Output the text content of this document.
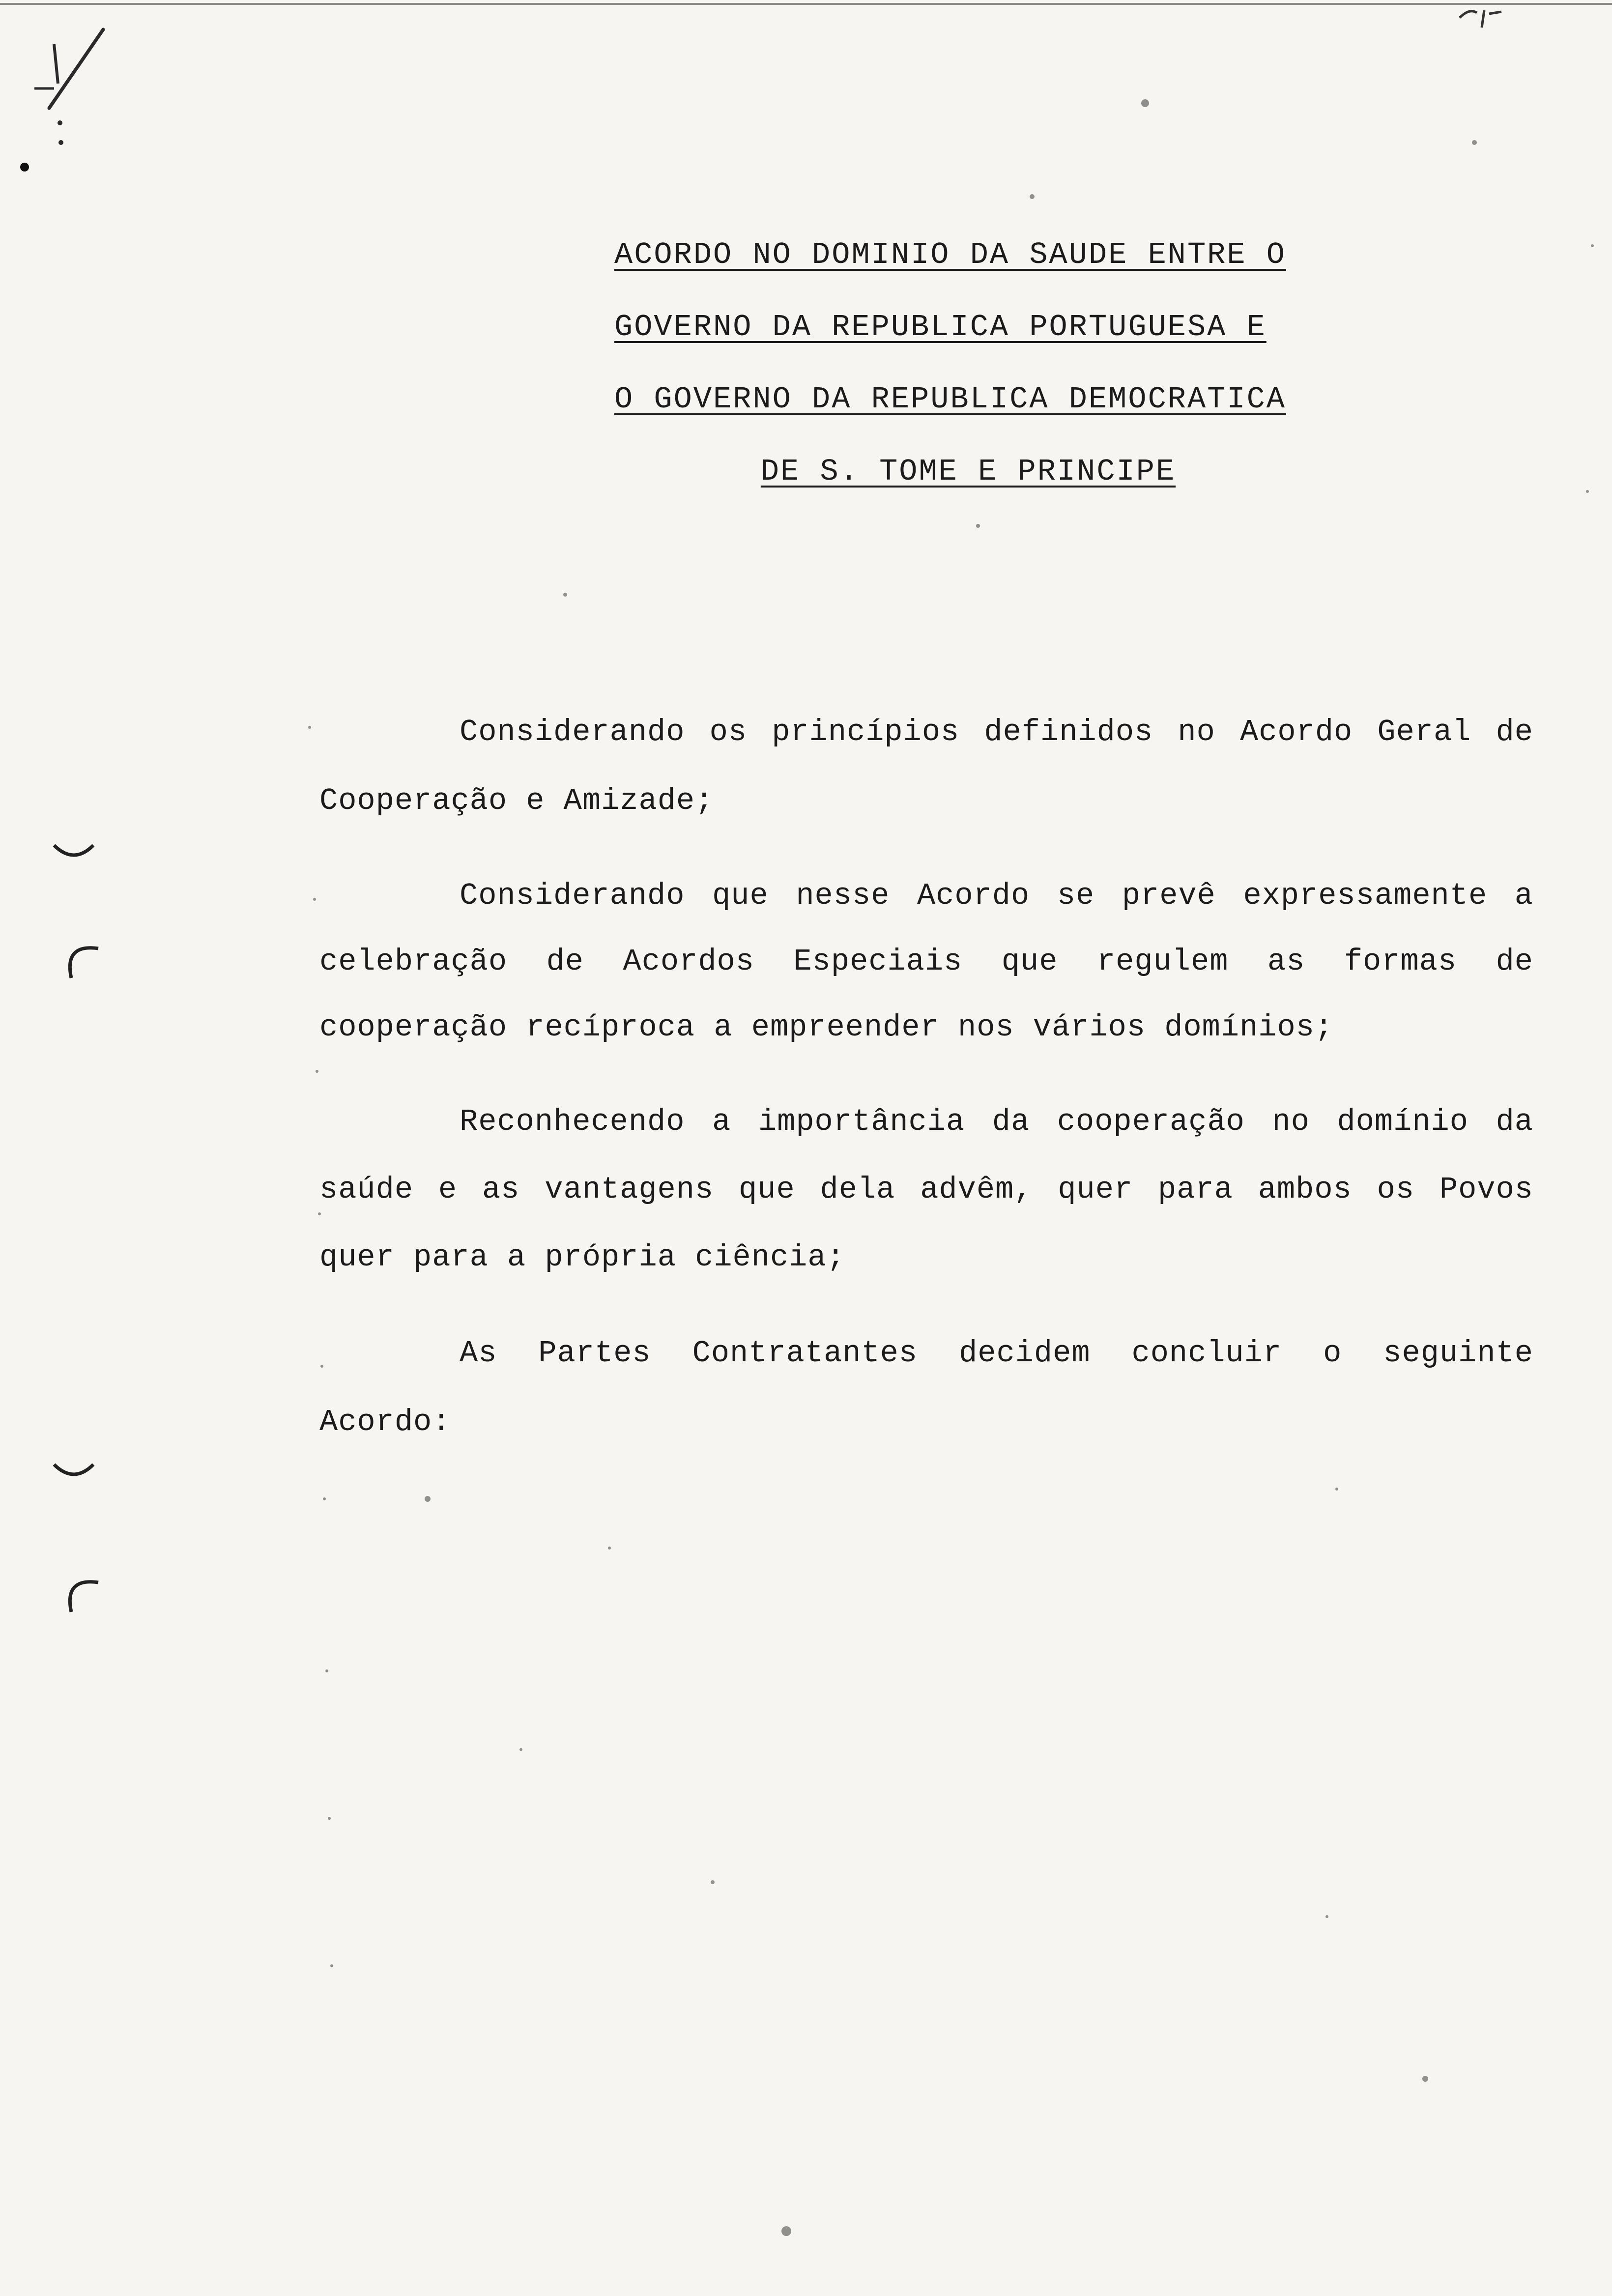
ACORDO NO DOMINIO DA SAUDE ENTRE O
GOVERNO DA REPUBLICA PORTUGUESA E
O GOVERNO DA REPUBLICA DEMOCRATICA
DE S. TOME E PRINCIPE

Considerando os princípios definidos no Acordo Geral de Cooperação e Amizade;

Considerando que nesse Acordo se prevê expressamente a celebração de Acordos Especiais que regulem as formas de cooperação recíproca a empreender nos vários domínios;

Reconhecendo a importância da cooperação no domínio da saúde e as vantagens que dela advêm, quer para ambos os Povos quer para a própria ciência;

As Partes Contratantes decidem concluir o seguinte Acordo:
